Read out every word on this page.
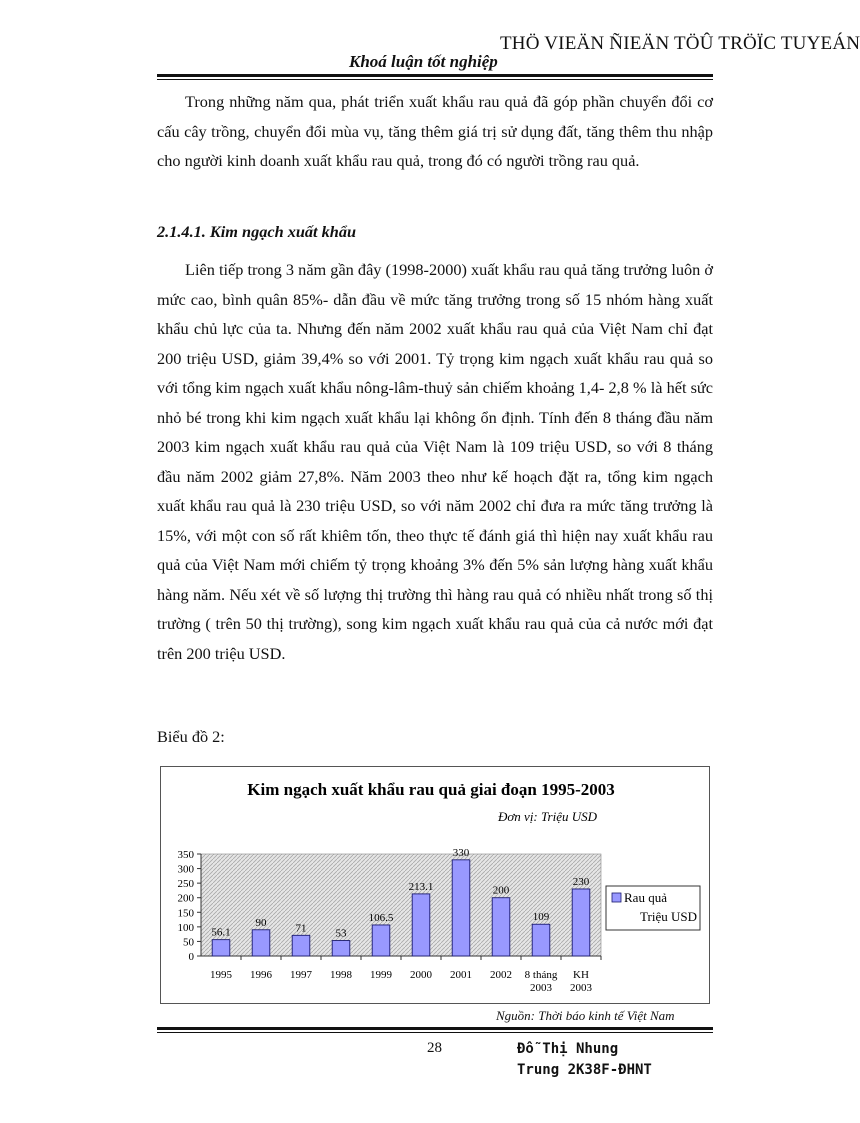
THÖ VIEÄN ÑIEÄN TÖÛ TRÖÏC TUYEÁN
Khoá luận tốt nghiệp

Trong những năm qua, phát triển xuất khẩu rau quả đã góp phần chuyển đổi cơ cấu cây trồng, chuyển đổi mùa vụ, tăng thêm giá trị sử dụng đất, tăng thêm thu nhập cho người kinh doanh xuất khẩu rau quả, trong đó có người trồng rau quả.

2.1.4.1. Kim ngạch xuất khẩu

Liên tiếp trong 3 năm gần đây (1998-2000) xuất khẩu rau quả tăng trưởng luôn ở mức cao, bình quân 85%- dẫn đầu về mức tăng trưởng trong số 15 nhóm hàng xuất khẩu chủ lực của ta. Nhưng đến năm 2002 xuất khẩu rau quả của Việt Nam chỉ đạt 200 triệu USD, giảm 39,4% so với 2001. Tỷ trọng kim ngạch xuất khẩu rau quả so với tổng kim ngạch xuất khẩu nông-lâm-thuỷ sản chiếm khoảng 1,4- 2,8 % là hết sức nhỏ bé trong khi kim ngạch xuất khẩu lại không ổn định. Tính đến 8 tháng đầu năm 2003 kim ngạch xuất khẩu rau quả của Việt Nam là 109 triệu USD, so với 8 tháng đầu năm 2002 giảm 27,8%. Năm 2003 theo như kế hoạch đặt ra, tổng kim ngạch xuất khẩu rau quả là 230 triệu USD, so với năm 2002 chỉ đưa ra mức tăng trưởng là 15%, với một con số rất khiêm tốn, theo thực tế đánh giá thì hiện nay xuất khẩu rau quả của Việt Nam mới chiếm tỷ trọng khoảng 3% đến 5% sản lượng hàng xuất khẩu hàng năm. Nếu xét về số lượng thị trường thì hàng rau quả có nhiều nhất trong số thị trường ( trên 50 thị trường), song kim ngạch xuất khẩu rau quả của cả nước mới đạt trên 200 triệu USD.

Biểu đồ 2:
Kim ngạch xuất khẩu rau quả giai đoạn 1995-2003
Đơn vị: Triệu USD
0
50
100
150
200
250
300
350
56.1
1995
90
1996
71
1997
53
1998
106.5
1999
213.1
2000
330
2001
200
2002
109
8 tháng
2003
230
KH
2003
Rau quả
Triệu USD
Nguồn: Thời báo kinh tế Việt Nam
28	Đỗ Thị Nhung
Trung 2K38F-ĐHNT
